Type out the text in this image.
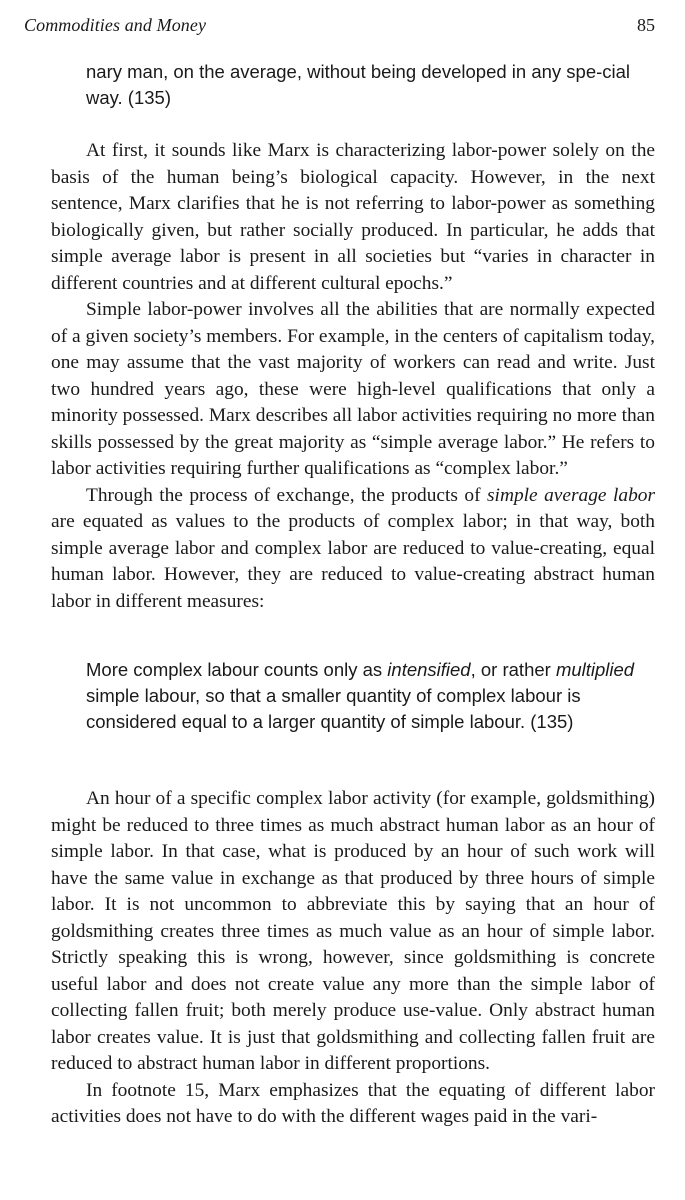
Commodities and Money	85

nary man, on the average, without being developed in any spe-cial way. (135)

At first, it sounds like Marx is characterizing labor-power solely on the basis of the human being’s biological capacity. However, in the next sentence, Marx clarifies that he is not referring to labor-power as something biologically given, but rather socially produced. In particular, he adds that simple average labor is present in all societies but “varies in character in different countries and at different cultural epochs.”

Simple labor-power involves all the abilities that are normally expected of a given society’s members. For example, in the centers of capitalism today, one may assume that the vast majority of workers can read and write. Just two hundred years ago, these were high-level qualifications that only a minority possessed. Marx describes all labor activities requiring no more than skills possessed by the great majority as “simple average labor.” He refers to labor activities requiring further qualifications as “complex labor.”

Through the process of exchange, the products of simple average labor are equated as values to the products of complex labor; in that way, both simple average labor and complex labor are reduced to value-creating, equal human labor. However, they are reduced to value-creating abstract human labor in different measures:

More complex labour counts only as intensified, or rather multiplied simple labour, so that a smaller quantity of complex labour is considered equal to a larger quantity of simple labour. (135)

An hour of a specific complex labor activity (for example, goldsmithing) might be reduced to three times as much abstract human labor as an hour of simple labor. In that case, what is produced by an hour of such work will have the same value in exchange as that produced by three hours of simple labor. It is not uncommon to abbreviate this by saying that an hour of goldsmithing creates three times as much value as an hour of simple labor. Strictly speaking this is wrong, however, since goldsmithing is concrete useful labor and does not create value any more than the simple labor of collecting fallen fruit; both merely produce use-value. Only abstract human labor creates value. It is just that goldsmithing and collecting fallen fruit are reduced to abstract human labor in different proportions.

In footnote 15, Marx emphasizes that the equating of different labor activities does not have to do with the different wages paid in the vari-
